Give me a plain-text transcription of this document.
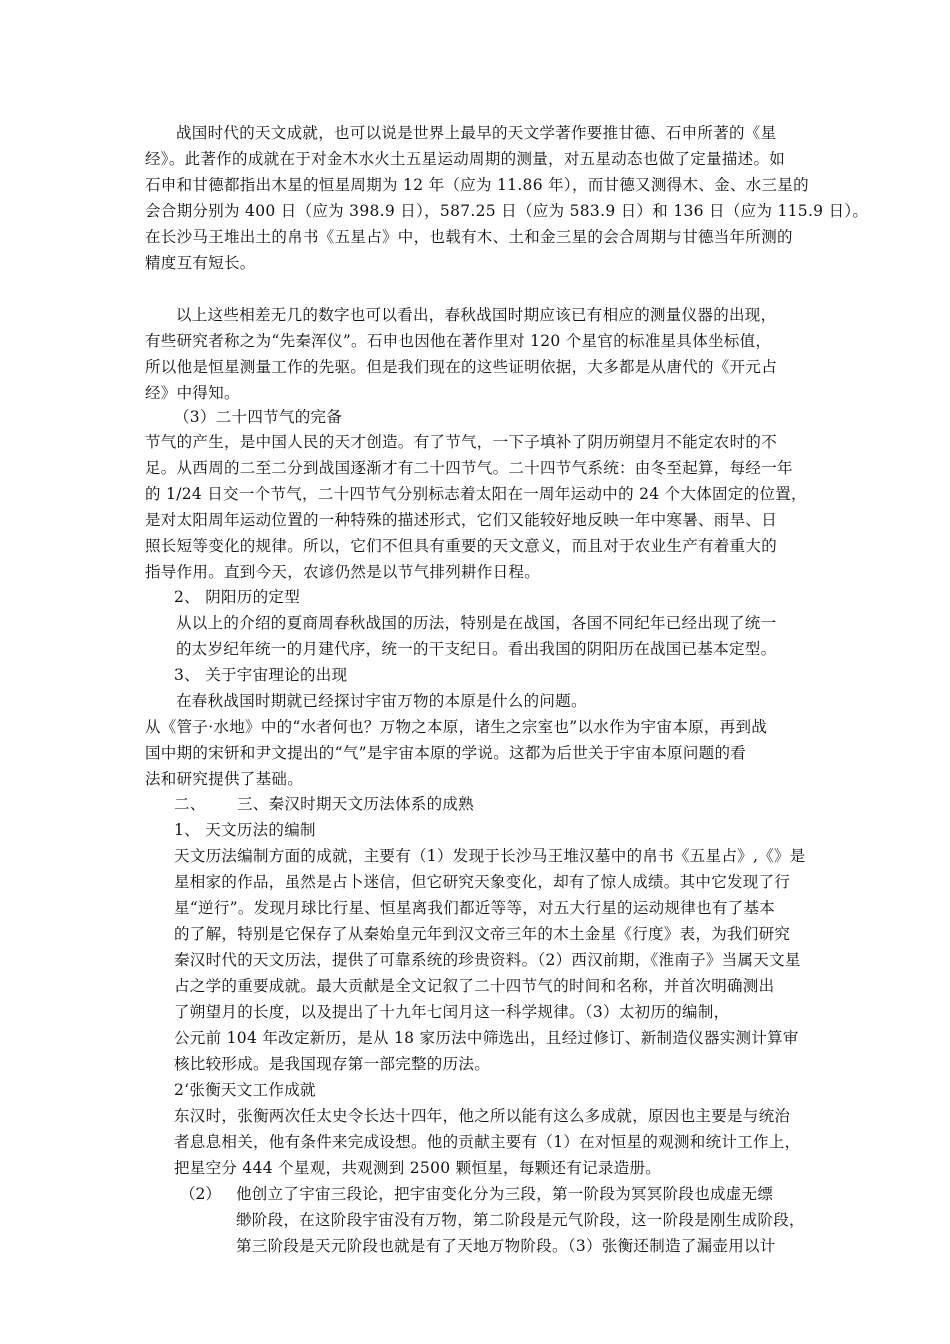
战国时代的天文成就，也可以说是世界上最早的天文学著作要推甘德、石申所著的《星
经》。此著作的成就在于对金木水火土五星运动周期的测量，对五星动态也做了定量描述。如
石申和甘德都指出木星的恒星周期为 12 年（应为 11.86 年），而甘德又测得木、金、水三星的
会合期分别为 400 日（应为 398.9 日），587.25 日（应为 583.9 日）和 136 日（应为 115.9 日）。
在长沙马王堆出土的帛书《五星占》中，也载有木、土和金三星的会合周期与甘德当年所测的
精度互有短长。
以上这些相差无几的数字也可以看出，春秋战国时期应该已有相应的测量仪器的出现，
有些研究者称之为“先秦浑仪”。石申也因他在著作里对 120 个星官的标准星具体坐标值，
所以他是恒星测量工作的先驱。但是我们现在的这些证明依据，大多都是从唐代的《开元占
经》中得知。
（3）二十四节气的完备
节气的产生，是中国人民的天才创造。有了节气，一下子填补了阴历朔望月不能定农时的不
足。从西周的二至二分到战国逐渐才有二十四节气。二十四节气系统：由冬至起算，每经一年
的 1/24 日交一个节气，二十四节气分别标志着太阳在一周年运动中的 24 个大体固定的位置，
是对太阳周年运动位置的一种特殊的描述形式，它们又能较好地反映一年中寒暑、雨旱、日
照长短等变化的规律。所以，它们不但具有重要的天文意义，而且对于农业生产有着重大的
指导作用。直到今天，农谚仍然是以节气排列耕作日程。
2、 阴阳历的定型
从以上的介绍的夏商周春秋战国的历法，特别是在战国，各国不同纪年已经出现了统一
的太岁纪年统一的月建代序，统一的干支纪日。看出我国的阴阳历在战国已基本定型。
3、 关于宇宙理论的出现
在春秋战国时期就已经探讨宇宙万物的本原是什么的问题。
从《管子·水地》中的“水者何也？万物之本原，诸生之宗室也”以水作为宇宙本原，再到战
国中期的宋钘和尹文提出的“气”是宇宙本原的学说。这都为后世关于宇宙本原问题的看
法和研究提供了基础。
二、      三、秦汉时期天文历法体系的成熟
1、 天文历法的编制
天文历法编制方面的成就，主要有（1）发现于长沙马王堆汉墓中的帛书《五星占》,《》是
星相家的作品，虽然是占卜迷信，但它研究天象变化，却有了惊人成绩。其中它发现了行
星“逆行”。发现月球比行星、恒星离我们都近等等，对五大行星的运动规律也有了基本
的了解，特别是它保存了从秦始皇元年到汉文帝三年的木土金星《行度》表，为我们研究
秦汉时代的天文历法，提供了可靠系统的珍贵资料。（2）西汉前期，《淮南子》当属天文星
占之学的重要成就。最大贡献是全文记叙了二十四节气的时间和名称，并首次明确测出
了朔望月的长度，以及提出了十九年七闰月这一科学规律。（3）太初历的编制，
公元前 104 年改定新历，是从 18 家历法中筛选出，且经过修订、新制造仪器实测计算审
核比较形成。是我国现存第一部完整的历法。
2‘张衡天文工作成就
东汉时，张衡两次任太史令长达十四年，他之所以能有这么多成就，原因也主要是与统治
者息息相关，他有条件来完成设想。他的贡献主要有（1）在对恒星的观测和统计工作上，
把星空分 444 个星观，共观测到 2500 颗恒星，每颗还有记录造册。
（2） 他创立了宇宙三段论，把宇宙变化分为三段，第一阶段为冥冥阶段也成虚无缥
缈阶段，在这阶段宇宙没有万物，第二阶段是元气阶段，这一阶段是刚生成阶段，
第三阶段是天元阶段也就是有了天地万物阶段。（3）张衡还制造了漏壶用以计
